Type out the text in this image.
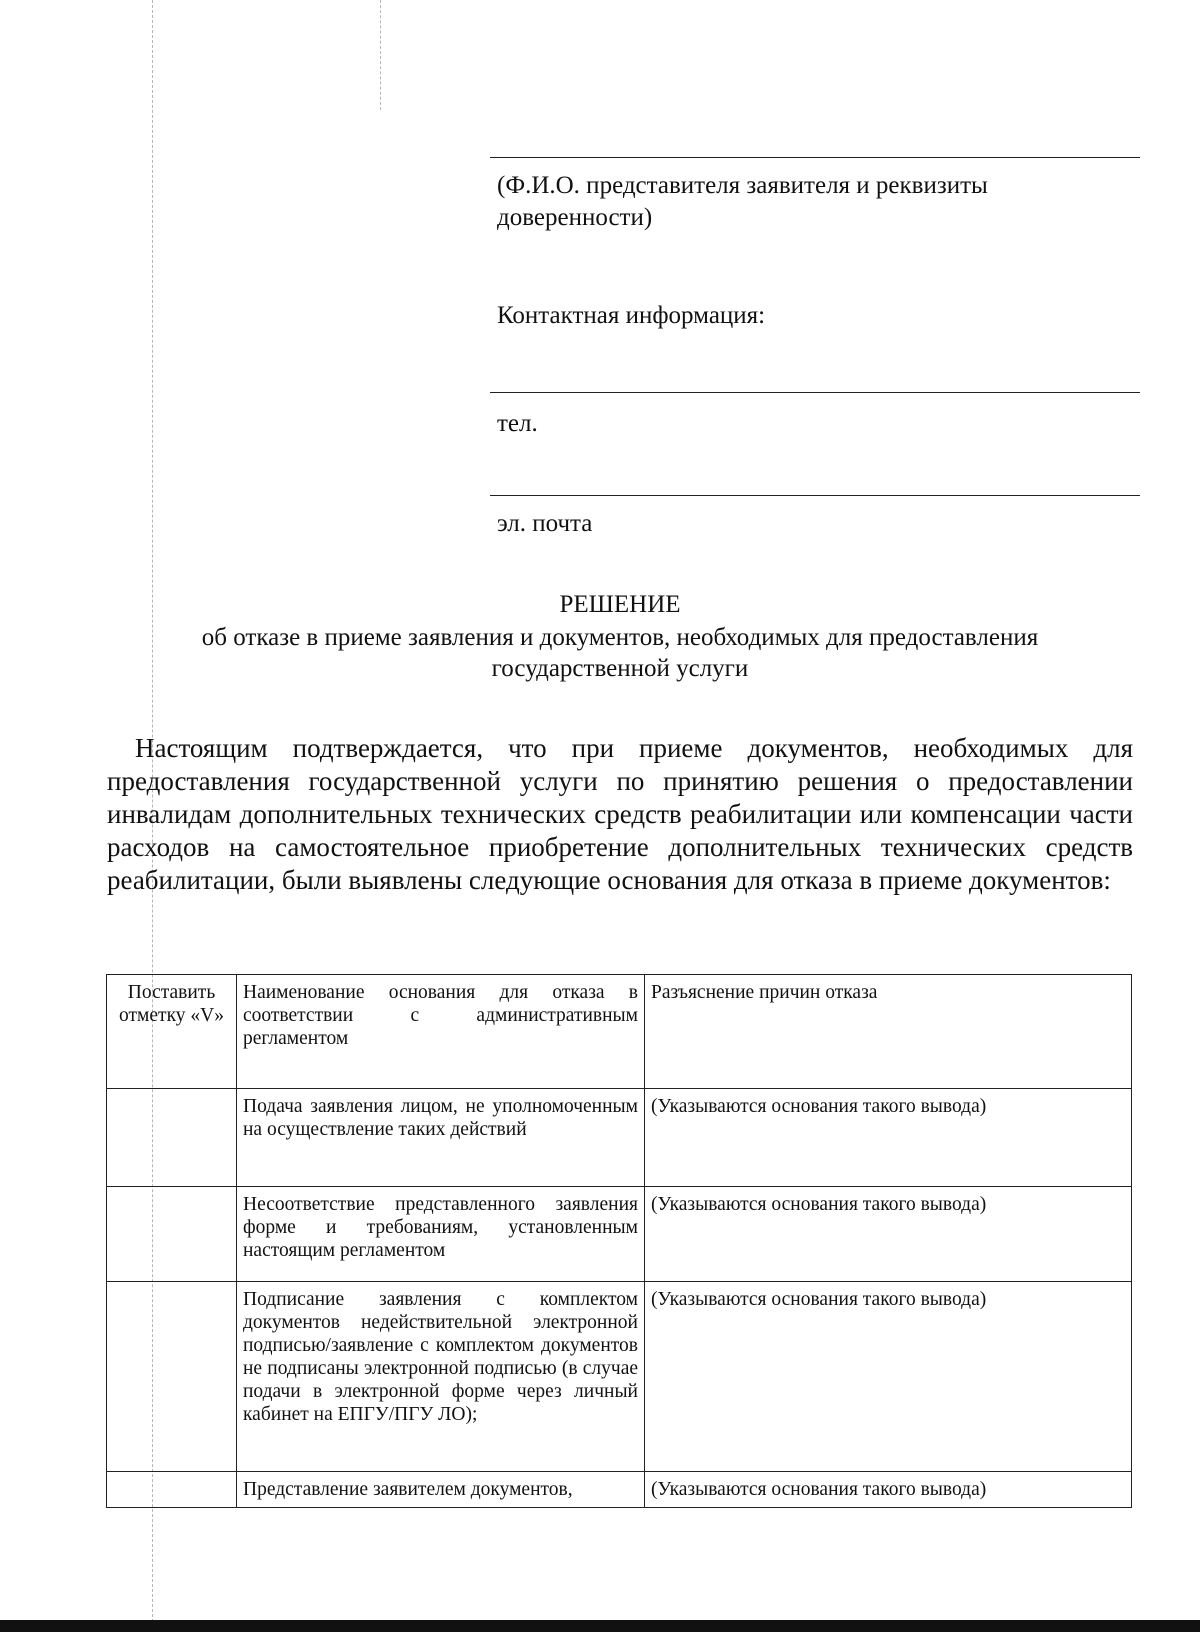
(Ф.И.О. представителя заявителя и реквизиты доверенности)
Контактная информация:
тел.
эл. почта
РЕШЕНИЕ
об отказе в приеме заявления и документов, необходимых для предоставления
государственной услуги
Настоящим подтверждается, что при приеме документов, необходимых для предоставления государственной услуги по принятию решения о предоставлении инвалидам дополнительных технических средств реабилитации или компенсации части расходов на самостоятельное приобретение дополнительных технических средств реабилитации, были выявлены следующие основания для отказа в приеме документов:
Поставить отметку «V»	Наименование основания для отказа в соответствии с административным регламентом	Разъяснение причин отказа
	Подача заявления лицом, не уполномоченным на осуществление таких действий	(Указываются основания такого вывода)
	Несоответствие представленного заявления форме и требованиям, установленным настоящим регламентом	(Указываются основания такого вывода)
	Подписание заявления с комплектом документов недействительной электронной подписью/заявление с комплектом документов не подписаны электронной подписью (в случае подачи в электронной форме через личный кабинет на ЕПГУ/ПГУ ЛО);	(Указываются основания такого вывода)
	Представление заявителем документов,	(Указываются основания такого вывода)
